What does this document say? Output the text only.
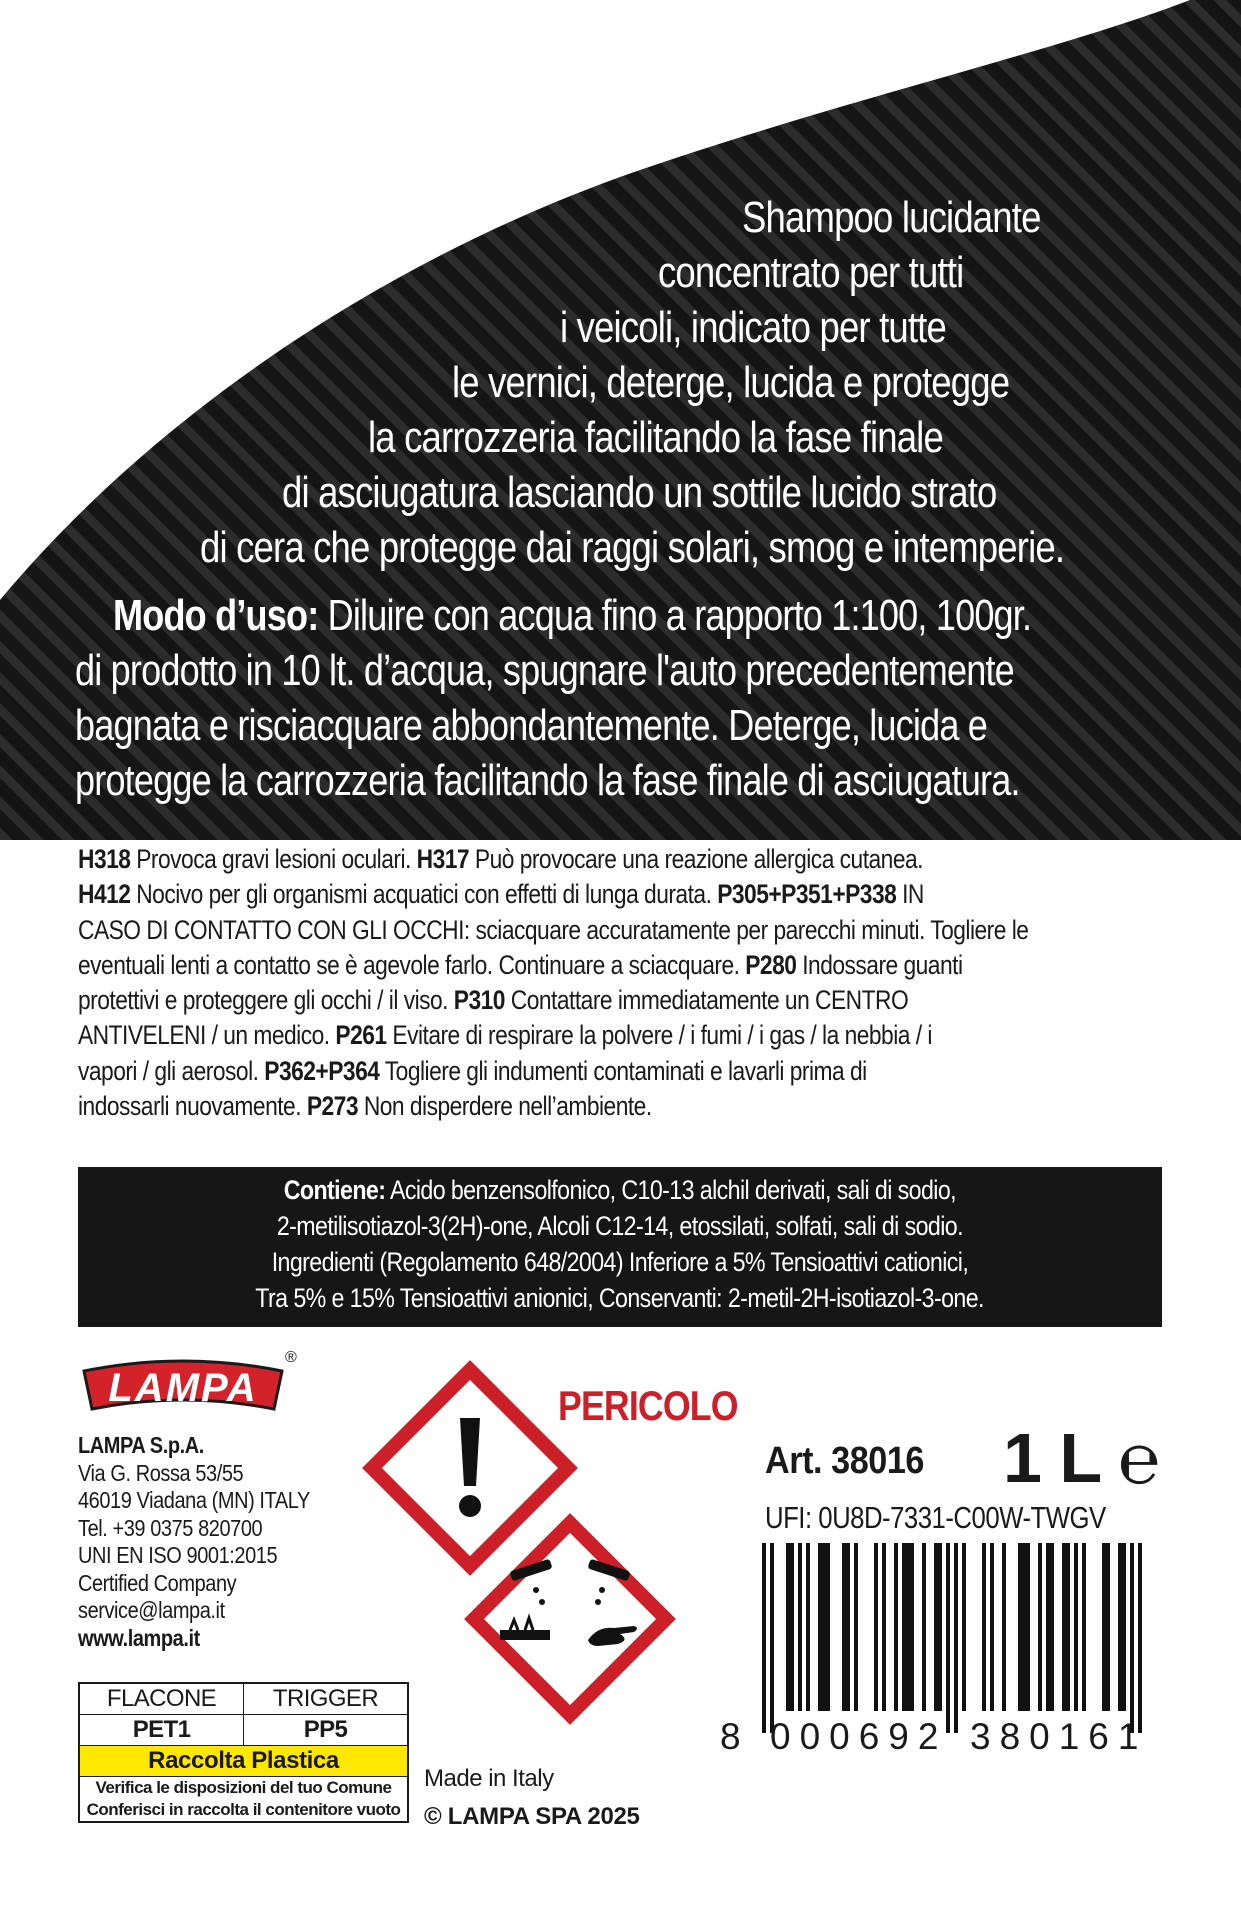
Shampoo lucidante
concentrato per tutti
i veicoli, indicato per tutte
le vernici, deterge, lucida e protegge
la carrozzeria facilitando la fase finale
di asciugatura lasciando un sottile lucido strato
di cera che protegge dai raggi solari, smog e intemperie.
Modo d’uso: Diluire con acqua fino a rapporto 1:100, 100gr.
di prodotto in 10 lt. d’acqua, spugnare l'auto precedentemente
bagnata e risciacquare abbondantemente. Deterge, lucida e
protegge la carrozzeria facilitando la fase finale di asciugatura.
H318 Provoca gravi lesioni oculari. H317 Può provocare una reazione allergica cutanea.
H412 Nocivo per gli organismi acquatici con effetti di lunga durata. P305+P351+P338 IN
CASO DI CONTATTO CON GLI OCCHI: sciacquare accuratamente per parecchi minuti. Togliere le
eventuali lenti a contatto se è agevole farlo. Continuare a sciacquare. P280 Indossare guanti
protettivi e proteggere gli occhi / il viso. P310 Contattare immediatamente un CENTRO
ANTIVELENI / un medico. P261 Evitare di respirare la polvere / i fumi / i gas / la nebbia / i
vapori / gli aerosol. P362+P364 Togliere gli indumenti contaminati e lavarli prima di
indossarli nuovamente. P273 Non disperdere nell’ambiente.
Contiene: Acido benzensolfonico, C10-13 alchil derivati, sali di sodio,
2-metilisotiazol-3(2H)-one, Alcoli C12-14, etossilati, solfati, sali di sodio.
Ingredienti (Regolamento 648/2004) Inferiore a 5% Tensioattivi cationici,
Tra 5% e 15% Tensioattivi anionici, Conservanti: 2-metil-2H-isotiazol-3-one.
LAMPA
®
LAMPA S.p.A.
Via G. Rossa 53/55
46019 Viadana (MN) ITALY
Tel. +39 0375 820700
UNI EN ISO 9001:2015
Certified Company
service@lampa.it
www.lampa.it
FLACONE	TRIGGER
PET1	PP5
Raccolta Plastica
Verifica le disposizioni del tuo Comune
Conferisci in raccolta il contenitore vuoto
Made in Italy
© LAMPA SPA 2025
PERICOLO
Art. 38016 1 L ℮
UFI: 0U8D-7331-C00W-TWGV
8 000692 380161
